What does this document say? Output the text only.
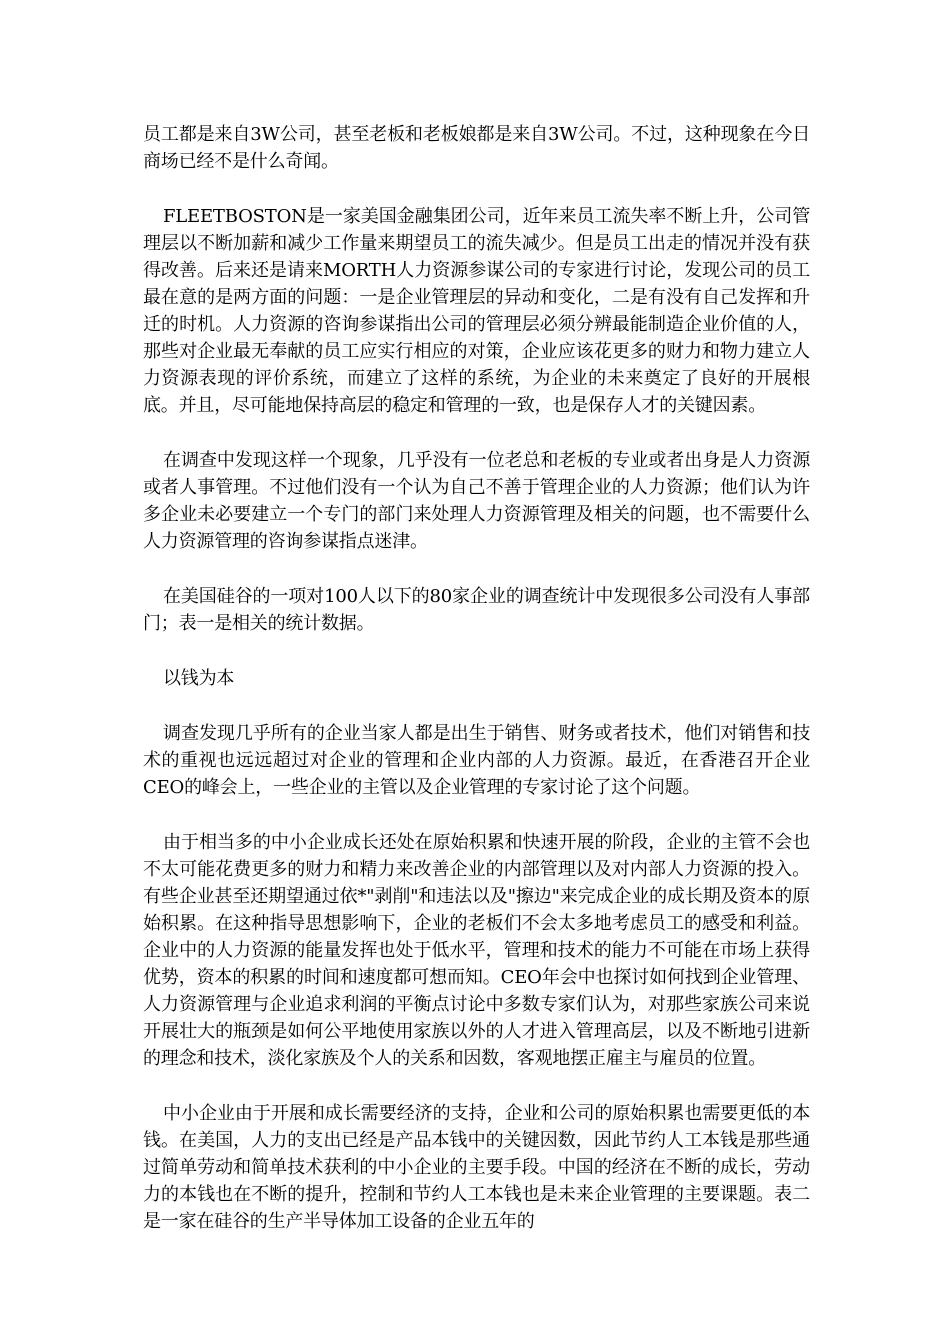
员工都是来自3W公司，甚至老板和老板娘都是来自3W公司。不过，这种现象在今日商场已经不是什么奇闻。

FLEETBOSTON是一家美国金融集团公司，近年来员工流失率不断上升，公司管理层以不断加薪和减少工作量来期望员工的流失减少。但是员工出走的情况并没有获得改善。后来还是请来MORTH人力资源参谋公司的专家进行讨论，发现公司的员工最在意的是两方面的问题：一是企业管理层的异动和变化，二是有没有自己发挥和升迁的时机。人力资源的咨询参谋指出公司的管理层必须分辨最能制造企业价值的人，那些对企业最无奉献的员工应实行相应的对策，企业应该花更多的财力和物力建立人力资源表现的评价系统，而建立了这样的系统，为企业的未来奠定了良好的开展根底。并且，尽可能地保持高层的稳定和管理的一致，也是保存人才的关键因素。

在调查中发现这样一个现象，几乎没有一位老总和老板的专业或者出身是人力资源或者人事管理。不过他们没有一个认为自己不善于管理企业的人力资源；他们认为许多企业未必要建立一个专门的部门来处理人力资源管理及相关的问题，也不需要什么人力资源管理的咨询参谋指点迷津。

在美国硅谷的一项对100人以下的80家企业的调查统计中发现很多公司没有人事部门；表一是相关的统计数据。

以钱为本

调查发现几乎所有的企业当家人都是出生于销售、财务或者技术，他们对销售和技术的重视也远远超过对企业的管理和企业内部的人力资源。最近，在香港召开企业CEO的峰会上，一些企业的主管以及企业管理的专家讨论了这个问题。

由于相当多的中小企业成长还处在原始积累和快速开展的阶段，企业的主管不会也不太可能花费更多的财力和精力来改善企业的内部管理以及对内部人力资源的投入。有些企业甚至还期望通过依*"剥削"和违法以及"擦边"来完成企业的成长期及资本的原始积累。在这种指导思想影响下，企业的老板们不会太多地考虑员工的感受和利益。企业中的人力资源的能量发挥也处于低水平，管理和技术的能力不可能在市场上获得优势，资本的积累的时间和速度都可想而知。CEO年会中也探讨如何找到企业管理、人力资源管理与企业追求利润的平衡点讨论中多数专家们认为，对那些家族公司来说开展壮大的瓶颈是如何公平地使用家族以外的人才进入管理高层，以及不断地引进新的理念和技术，淡化家族及个人的关系和因数，客观地摆正雇主与雇员的位置。

中小企业由于开展和成长需要经济的支持，企业和公司的原始积累也需要更低的本钱。在美国，人力的支出已经是产品本钱中的关键因数，因此节约人工本钱是那些通过简单劳动和简单技术获利的中小企业的主要手段。中国的经济在不断的成长，劳动力的本钱也在不断的提升，控制和节约人工本钱也是未来企业管理的主要课题。表二是一家在硅谷的生产半导体加工设备的企业五年的
